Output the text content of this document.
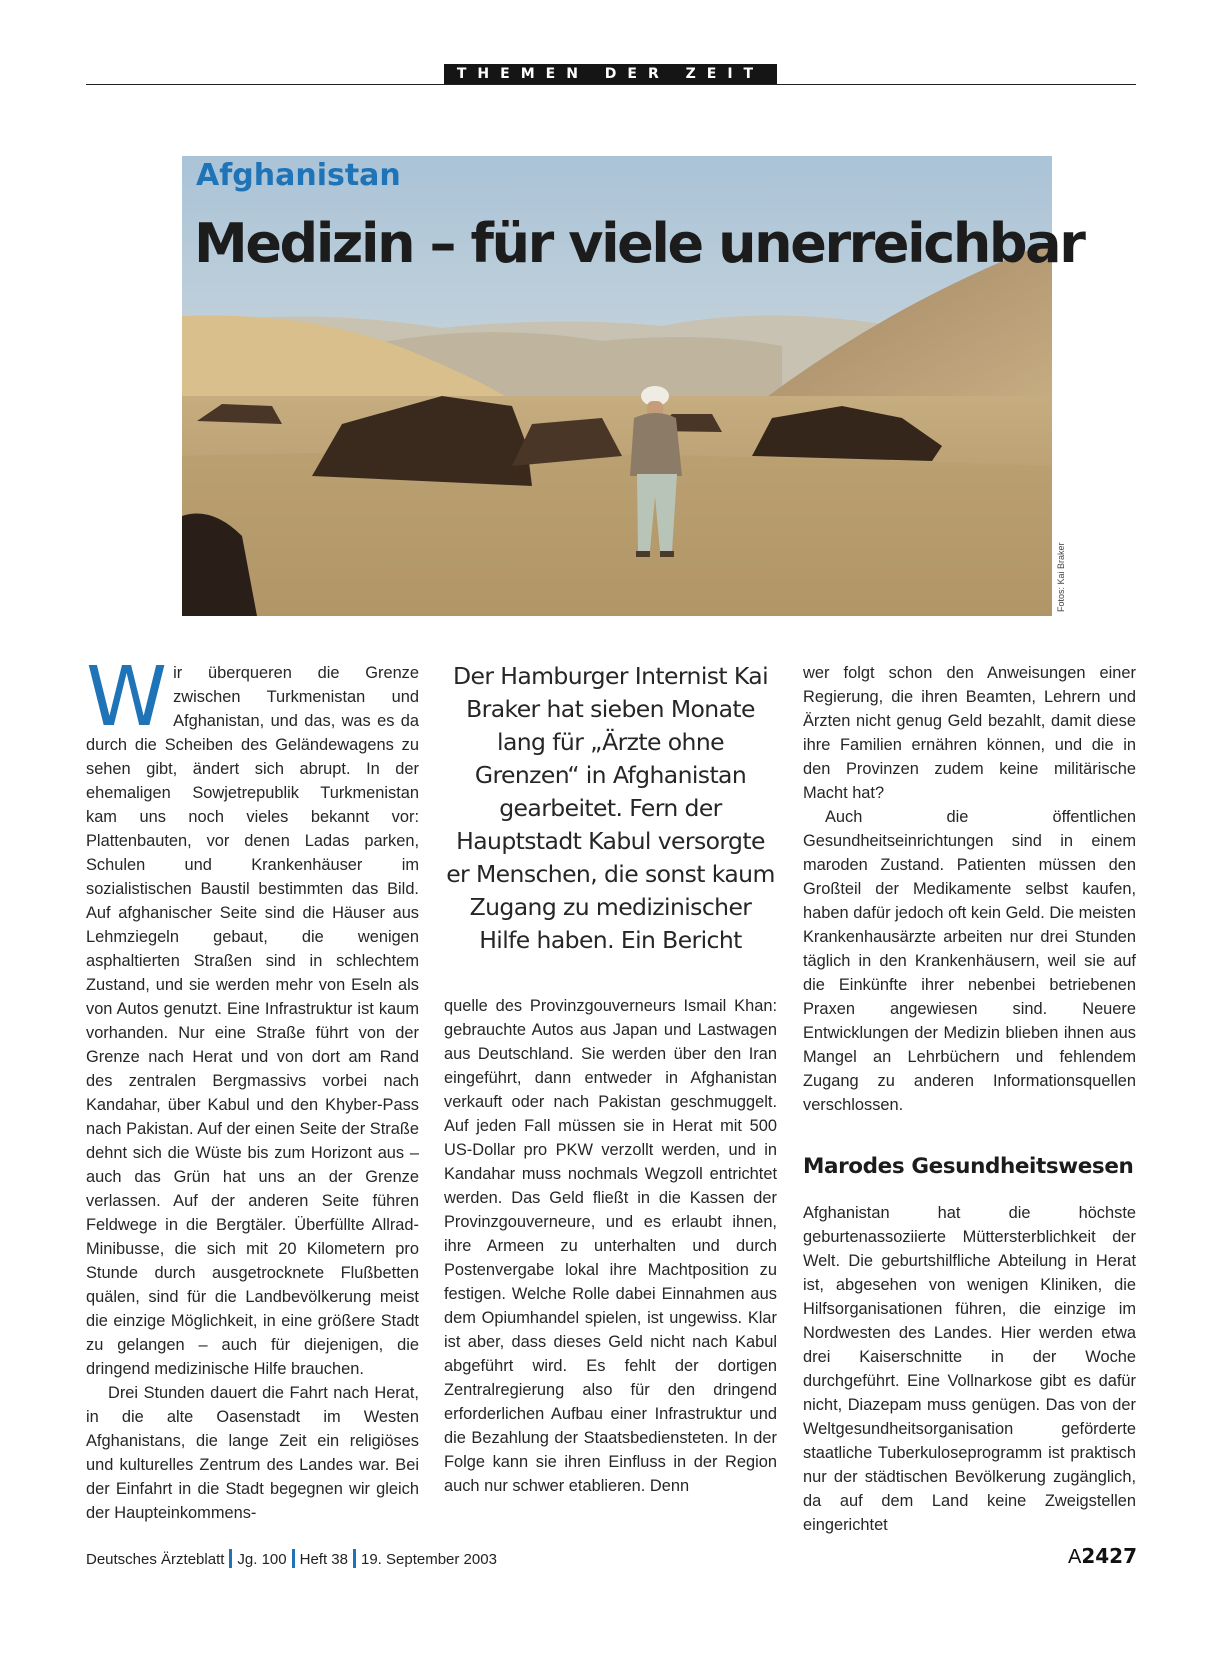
THEMEN DER ZEIT
Afghanistan
Medizin – für viele unerreichbar
Fotos: Kai Braker

Wir überqueren die Grenze zwischen Turkmenistan und Afghanistan, und das, was es da durch die Scheiben des Geländewagens zu sehen gibt, ändert sich abrupt. In der ehemaligen Sowjetrepublik Turkmenistan kam uns noch vieles bekannt vor: Plattenbauten, vor denen Ladas parken, Schulen und Krankenhäuser im sozialistischen Baustil bestimmten das Bild. Auf afghanischer Seite sind die Häuser aus Lehmziegeln gebaut, die wenigen asphaltierten Straßen sind in schlechtem Zustand, und sie werden mehr von Eseln als von Autos genutzt. Eine Infrastruktur ist kaum vorhanden. Nur eine Straße führt von der Grenze nach Herat und von dort am Rand des zentralen Bergmassivs vorbei nach Kandahar, über Kabul und den Khyber-Pass nach Pakistan. Auf der einen Seite der Straße dehnt sich die Wüste bis zum Horizont aus – auch das Grün hat uns an der Grenze verlassen. Auf der anderen Seite führen Feldwege in die Bergtäler. Überfüllte Allrad-Minibusse, die sich mit 20 Kilometern pro Stunde durch ausgetrocknete Flußbetten quälen, sind für die Landbevölkerung meist die einzige Möglichkeit, in eine größere Stadt zu gelangen – auch für diejenigen, die dringend medizinische Hilfe brauchen.

Drei Stunden dauert die Fahrt nach Herat, in die alte Oasenstadt im Westen Afghanistans, die lange Zeit ein religiöses und kulturelles Zentrum des Landes war. Bei der Einfahrt in die Stadt begegnen wir gleich der Haupteinkommens-

Der Hamburger Internist Kai Braker hat sieben Monate lang für „Ärzte ohne Grenzen“ in Afghanistan gearbeitet. Fern der Hauptstadt Kabul versorgte er Menschen, die sonst kaum Zugang zu medizinischer Hilfe haben. Ein Bericht

quelle des Provinzgouverneurs Ismail Khan: gebrauchte Autos aus Japan und Lastwagen aus Deutschland. Sie werden über den Iran eingeführt, dann entweder in Afghanistan verkauft oder nach Pakistan geschmuggelt. Auf jeden Fall müssen sie in Herat mit 500 US-Dollar pro PKW verzollt werden, und in Kandahar muss nochmals Wegzoll entrichtet werden. Das Geld fließt in die Kassen der Provinzgouverneure, und es erlaubt ihnen, ihre Armeen zu unterhalten und durch Postenvergabe lokal ihre Machtposition zu festigen. Welche Rolle dabei Einnahmen aus dem Opiumhandel spielen, ist ungewiss. Klar ist aber, dass dieses Geld nicht nach Kabul abgeführt wird. Es fehlt der dortigen Zentralregierung also für den dringend erforderlichen Aufbau einer Infrastruktur und die Bezahlung der Staatsbediensteten. In der Folge kann sie ihren Einfluss in der Region auch nur schwer etablieren. Denn

wer folgt schon den Anweisungen einer Regierung, die ihren Beamten, Lehrern und Ärzten nicht genug Geld bezahlt, damit diese ihre Familien ernähren können, und die in den Provinzen zudem keine militärische Macht hat?

Auch die öffentlichen Gesundheitseinrichtungen sind in einem maroden Zustand. Patienten müssen den Großteil der Medikamente selbst kaufen, haben dafür jedoch oft kein Geld. Die meisten Krankenhausärzte arbeiten nur drei Stunden täglich in den Krankenhäusern, weil sie auf die Einkünfte ihrer nebenbei betriebenen Praxen angewiesen sind. Neuere Entwicklungen der Medizin blieben ihnen aus Mangel an Lehrbüchern und fehlendem Zugang zu anderen Informationsquellen verschlossen.

Marodes Gesundheitswesen

Afghanistan hat die höchste geburtenassoziierte Müttersterblichkeit der Welt. Die geburtshilfliche Abteilung in Herat ist, abgesehen von wenigen Kliniken, die Hilfsorganisationen führen, die einzige im Nordwesten des Landes. Hier werden etwa drei Kaiserschnitte in der Woche durchgeführt. Eine Vollnarkose gibt es dafür nicht, Diazepam muss genügen. Das von der Weltgesundheitsorganisation geförderte staatliche Tuberkuloseprogramm ist praktisch nur der städtischen Bevölkerung zugänglich, da auf dem Land keine Zweigstellen eingerichtet

Deutsches Ärzteblatt Jg. 100 Heft 38 19. September 2003	A2427
